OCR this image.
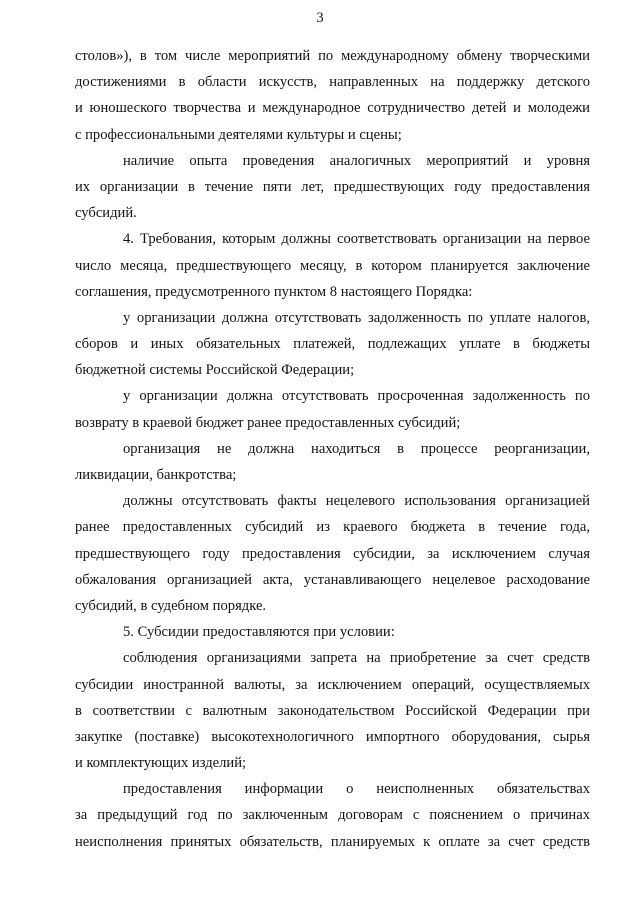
3
столов»), в том числе мероприятий по международному обмену творческими
достижениями в области искусств, направленных на поддержку детского
и юношеского творчества и международное сотрудничество детей и молодежи
с профессиональными деятелями культуры и сцены;
наличие опыта проведения аналогичных мероприятий и уровня
их организации в течение пяти лет, предшествующих году предоставления
субсидий.
4. Требования, которым должны соответствовать организации на первое
число месяца, предшествующего месяцу, в котором планируется заключение
соглашения, предусмотренного пунктом 8 настоящего Порядка:
у организации должна отсутствовать задолженность по уплате налогов,
сборов и иных обязательных платежей, подлежащих уплате в бюджеты
бюджетной системы Российской Федерации;
у организации должна отсутствовать просроченная задолженность по
возврату в краевой бюджет ранее предоставленных субсидий;
организация не должна находиться в процессе реорганизации,
ликвидации, банкротства;
должны отсутствовать факты нецелевого использования организацией
ранее предоставленных субсидий из краевого бюджета в течение года,
предшествующего году предоставления субсидии, за исключением случая
обжалования организацией акта, устанавливающего нецелевое расходование
субсидий, в судебном порядке.
5. Субсидии предоставляются при условии:
соблюдения организациями запрета на приобретение за счет средств
субсидии иностранной валюты, за исключением операций, осуществляемых
в соответствии с валютным законодательством Российской Федерации при
закупке (поставке) высокотехнологичного импортного оборудования, сырья
и комплектующих изделий;
предоставления информации о неисполненных обязательствах
за предыдущий год по заключенным договорам с пояснением о причинах
неисполнения принятых обязательств, планируемых к оплате за счет средств
